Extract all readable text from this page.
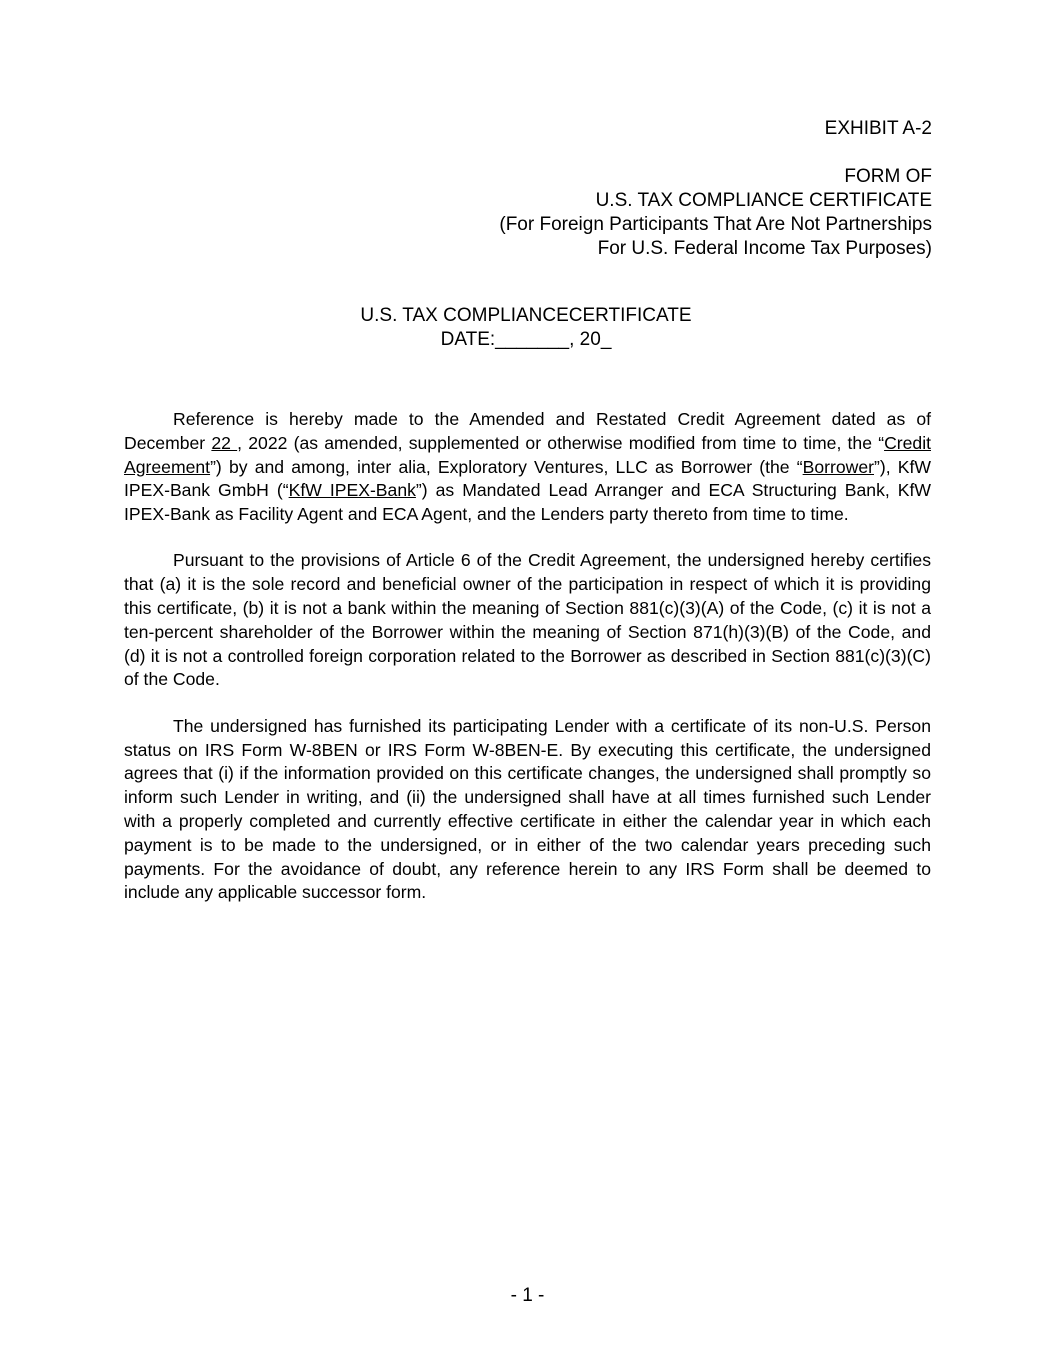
EXHIBIT A-2
FORM OF
U.S. TAX COMPLIANCE CERTIFICATE
(For Foreign Participants That Are Not Partnerships
For U.S. Federal Income Tax Purposes)
U.S. TAX COMPLIANCECERTIFICATE
DATE:_______, 20_

Reference is hereby made to the Amended and Restated Credit Agreement dated as of December 22 , 2022 (as amended, supplemented or otherwise modified from time to time, the “Credit Agreement”) by and among, inter alia, Exploratory Ventures, LLC as Borrower (the “Borrower”), KfW IPEX-Bank GmbH (“KfW IPEX-Bank”) as Mandated Lead Arranger and ECA Structuring Bank, KfW IPEX-Bank as Facility Agent and ECA Agent, and the Lenders party thereto from time to time.

Pursuant to the provisions of Article 6 of the Credit Agreement, the undersigned hereby certifies that (a) it is the sole record and beneficial owner of the participation in respect of which it is providing this certificate, (b) it is not a bank within the meaning of Section 881(c)(3)(A) of the Code, (c) it is not a ten-percent shareholder of the Borrower within the meaning of Section 871(h)(3)(B) of the Code, and (d) it is not a controlled foreign corporation related to the Borrower as described in Section 881(c)(3)(C) of the Code.

The undersigned has furnished its participating Lender with a certificate of its non-U.S. Person status on IRS Form W-8BEN or IRS Form W-8BEN-E. By executing this certificate, the undersigned agrees that (i) if the information provided on this certificate changes, the undersigned shall promptly so inform such Lender in writing, and (ii) the undersigned shall have at all times furnished such Lender with a properly completed and currently effective certificate in either the calendar year in which each payment is to be made to the undersigned, or in either of the two calendar years preceding such payments. For the avoidance of doubt, any reference herein to any IRS Form shall be deemed to include any applicable successor form.

- 1 -
